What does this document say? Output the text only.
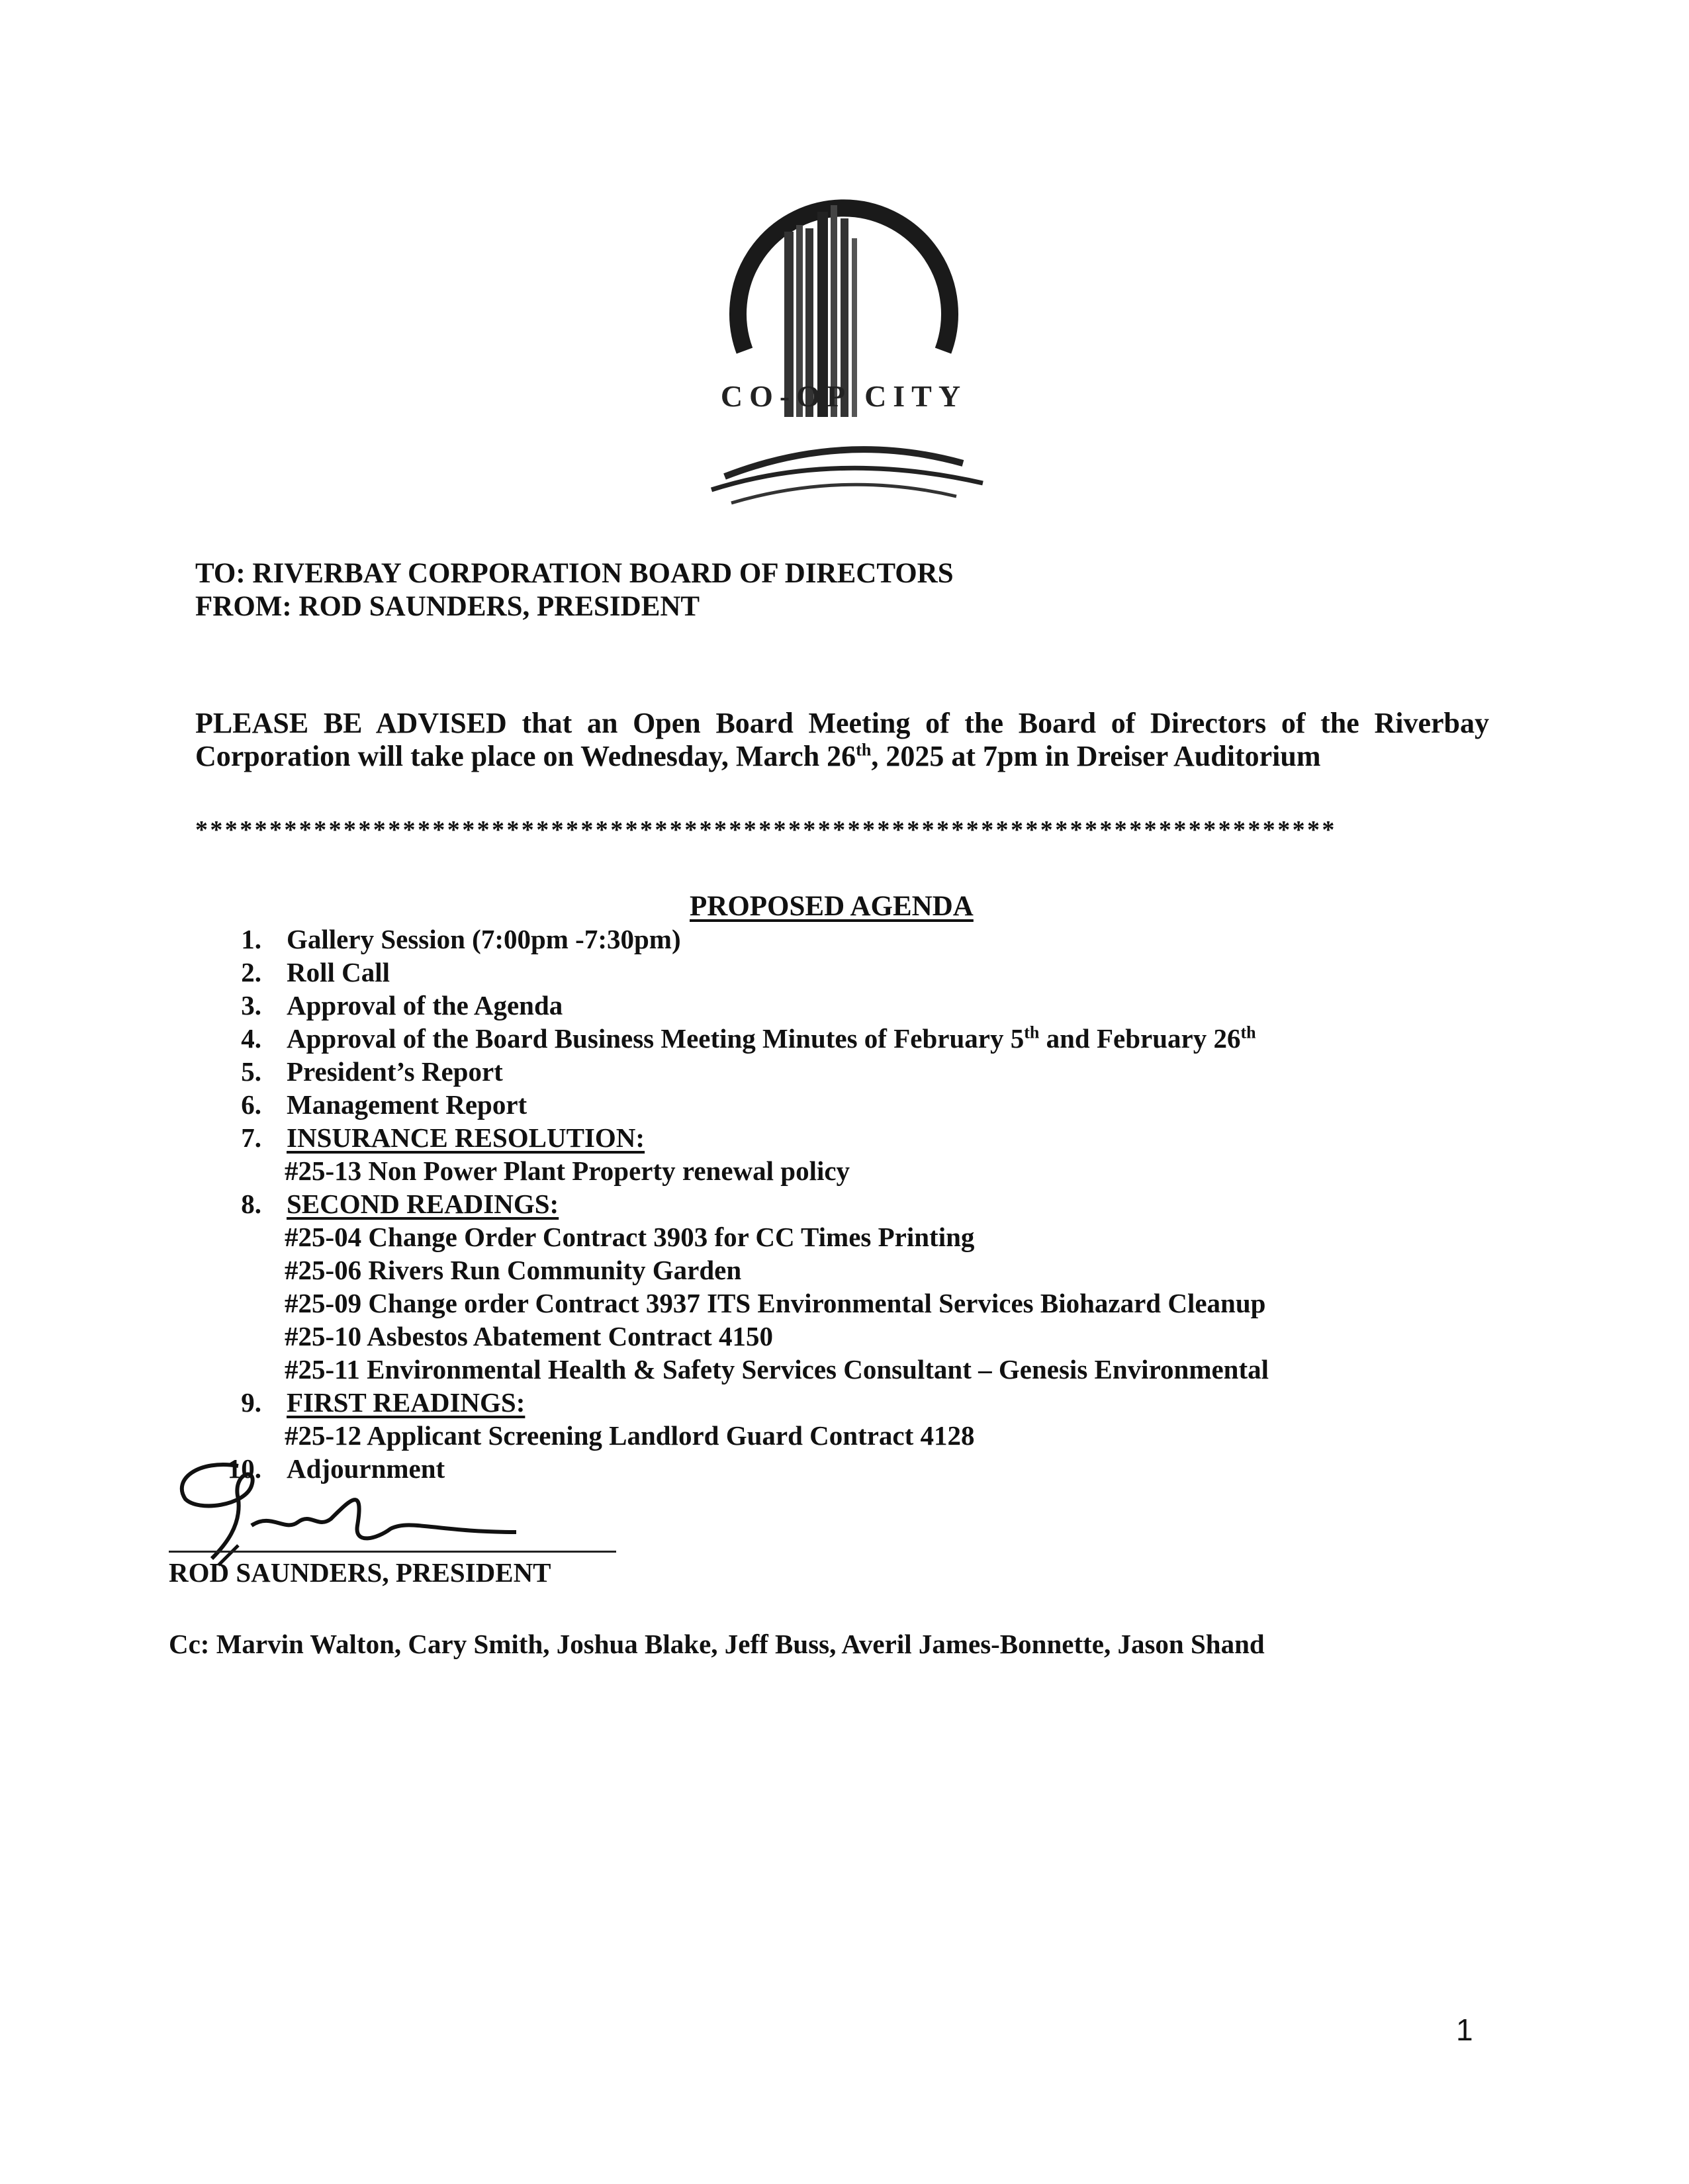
CO-OP CITY
TO: RIVERBAY CORPORATION BOARD OF DIRECTORS
FROM: ROD SAUNDERS, PRESIDENT
PLEASE BE ADVISED that an Open Board Meeting of the Board of Directors of the Riverbay Corporation will take place on Wednesday, March 26th, 2025 at 7pm in Dreiser Auditorium
*****************************************************************************
PROPOSED AGENDA
1. Gallery Session (7:00pm -7:30pm)
2. Roll Call
3. Approval of the Agenda
4. Approval of the Board Business Meeting Minutes of February 5th and February 26th
5. President’s Report
6. Management Report
7. INSURANCE RESOLUTION:
#25-13 Non Power Plant Property renewal policy
8. SECOND READINGS:
#25-04 Change Order Contract 3903 for CC Times Printing
#25-06 Rivers Run Community Garden
#25-09 Change order Contract 3937 ITS Environmental Services Biohazard Cleanup
#25-10 Asbestos Abatement Contract 4150
#25-11 Environmental Health & Safety Services Consultant – Genesis Environmental
9. FIRST READINGS:
#25-12 Applicant Screening Landlord Guard Contract 4128
10. Adjournment
ROD SAUNDERS, PRESIDENT
Cc: Marvin Walton, Cary Smith, Joshua Blake, Jeff Buss, Averil James-Bonnette, Jason Shand
1
